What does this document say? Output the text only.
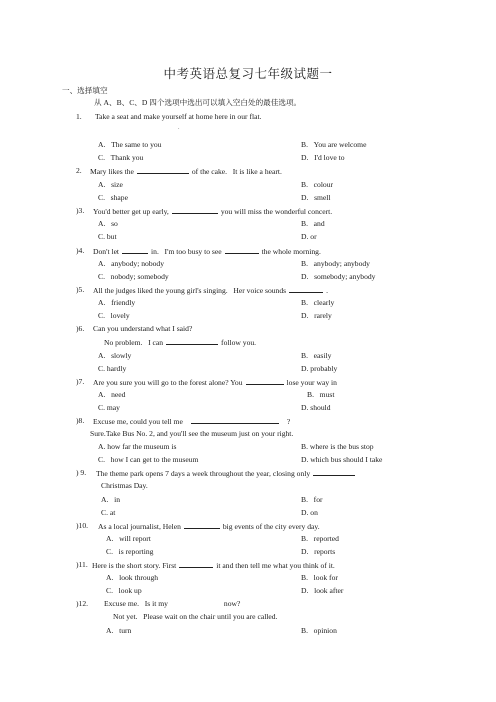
中考英语总复习七年级试题一
一、选择填空
从 A、B、C、D 四个选项中选出可以填入空白处的最佳选项。
1. Take a seat and make yourself at home here in our flat.
.
A.   The same to you	B.   You are welcome
C.   Thank you	D.   I'd love to
2. Mary likes the	of the cake.   It is like a heart.
A.   size	B.   colour
C.   shape	D.   smell
)3. You'd better get up early,	you will miss the wonderful concert.
A.   so	B.   and
C. but	D. or
)4. Don't let	in.   I'm too busy to see	the whole morning.
A.   anybody; nobody	B.   anybody; anybody
C.   nobody; somebody	D.   somebody; anybody
)5. All the judges liked the young girl's singing.   Her voice sounds	.
A.   friendly	B.   clearly
C.   lovely	D.   rarely
)6. Can you understand what I said?
No problem.   I can	follow you.
A.   slowly	B.   easily
C. hardly	D. probably
)7. Are you sure you will go to the forest alone? You	lose your way in
A.   need	B.   must
C. may	D. should
)8. Excuse me, could you tell me	?
Sure.Take Bus No. 2, and you'll see the museum just on your right.
A. how far the museum is	B. where is the bus stop
C.   how I can get to the museum	D. which bus should I take
) 9. The theme park opens 7 days a week throughout the year, closing only
Christmas Day.
A.   in	B.   for
C. at	D. on
)10. As a local journalist, Helen	big events of the city every day.
A.   will report	B.   reported
C.   is reporting	D.   reports
)11. Here is the short story. First	it and then tell me what you think of it.
A.   look through	B.   look for
C.   look up	D.   look after
)12. Excuse me.   Is it my	now?
Not yet.   Please wait on the chair until you are called.
A.   turn	B.   opinion
